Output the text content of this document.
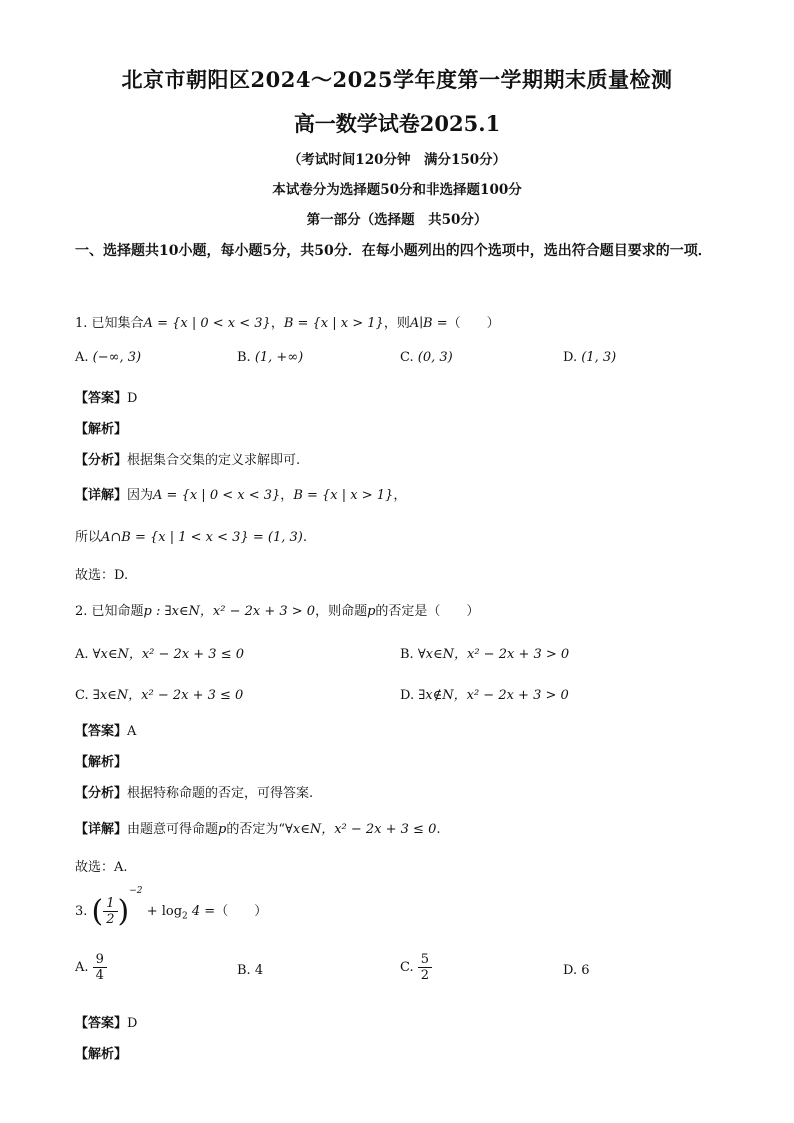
北京市朝阳区2024～2025学年度第一学期期末质量检测
高一数学试卷2025.1
（考试时间120分钟　满分150分）
本试卷分为选择题50分和非选择题100分
第一部分（选择题　共50分）
一、选择题共10小题，每小题5分，共50分．在每小题列出的四个选项中，选出符合题目要求的一项．
1. 已知集合A = {x | 0 < x < 3}，B = {x | x > 1}，则A∣B =（　　）
A. (−∞, 3)	B. (1, +∞)	C. (0, 3)	D. (1, 3)
【答案】D
【解析】
【分析】根据集合交集的定义求解即可.
【详解】因为A = {x | 0 < x < 3}，B = {x | x > 1}，
所以A∩B = {x | 1 < x < 3} = (1, 3).
故选：D.
2. 已知命题p : ∃x∈N，x² − 2x + 3 > 0，则命题p的否定是（　　）
A. ∀x∈N，x² − 2x + 3 ≤ 0	B. ∀x∈N，x² − 2x + 3 > 0
C. ∃x∈N，x² − 2x + 3 ≤ 0	D. ∃x∉N，x² − 2x + 3 > 0
【答案】A
【解析】
【分析】根据特称命题的否定，可得答案.
【详解】由题意可得命题p的否定为“∀x∈N，x² − 2x + 3 ≤ 0.
故选：A.
3. ( $\frac{1}{2} )^{-2} + \log_2 4$ =（　　）
A. $\frac{9}{4}$	B. 4	C. $\frac{5}{2}$	D. 6
【答案】D
【解析】
